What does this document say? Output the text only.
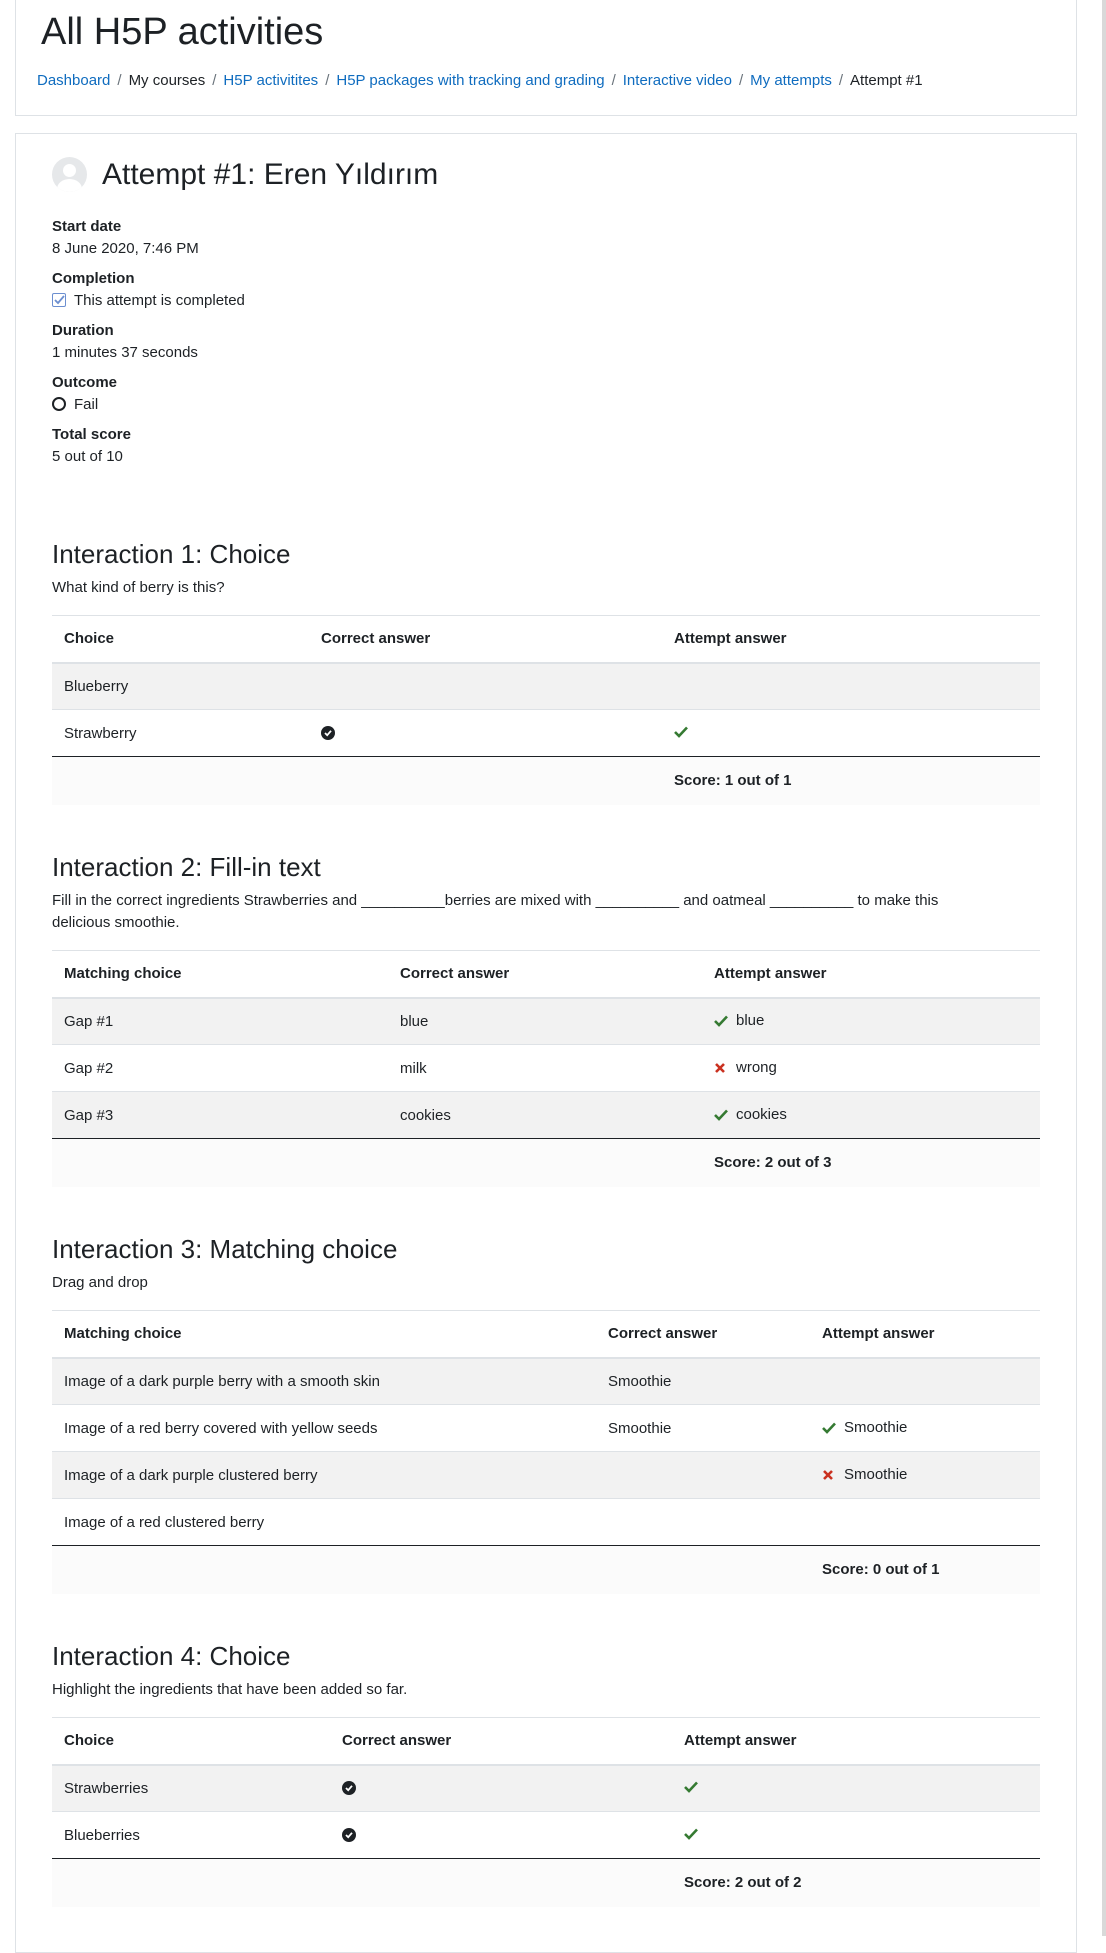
All H5P activities
Dashboard / My courses / H5P activitites / H5P packages with tracking and grading / Interactive video / My attempts / Attempt #1
Attempt #1: Eren Yıldırım
Start date
8 June 2020, 7:46 PM
Completion
This attempt is completed
Duration
1 minutes 37 seconds
Outcome
Fail
Total score
5 out of 10
Interaction 1: Choice

What kind of berry is this?

Choice	Correct answer	Attempt answer
Blueberry		
Strawberry	

		Score: 1 out of 1
Interaction 2: Fill-in text

Fill in the correct ingredients Strawberries and __________berries are mixed with __________ and oatmeal __________ to make this delicious smoothie.

Matching choice	Correct answer	Attempt answer
Gap #1	blue	blue
Gap #2	milk	wrong
Gap #3	cookies	cookies
		Score: 2 out of 3
Interaction 3: Matching choice

Drag and drop

Matching choice	Correct answer	Attempt answer
Image of a dark purple berry with a smooth skin	Smoothie	
Image of a red berry covered with yellow seeds	Smoothie	Smoothie
Image of a dark purple clustered berry		Smoothie
Image of a red clustered berry		
		Score: 0 out of 1
Interaction 4: Choice

Highlight the ingredients that have been added so far.

Choice	Correct answer	Attempt answer
Strawberries	

Blueberries	

		Score: 2 out of 2
